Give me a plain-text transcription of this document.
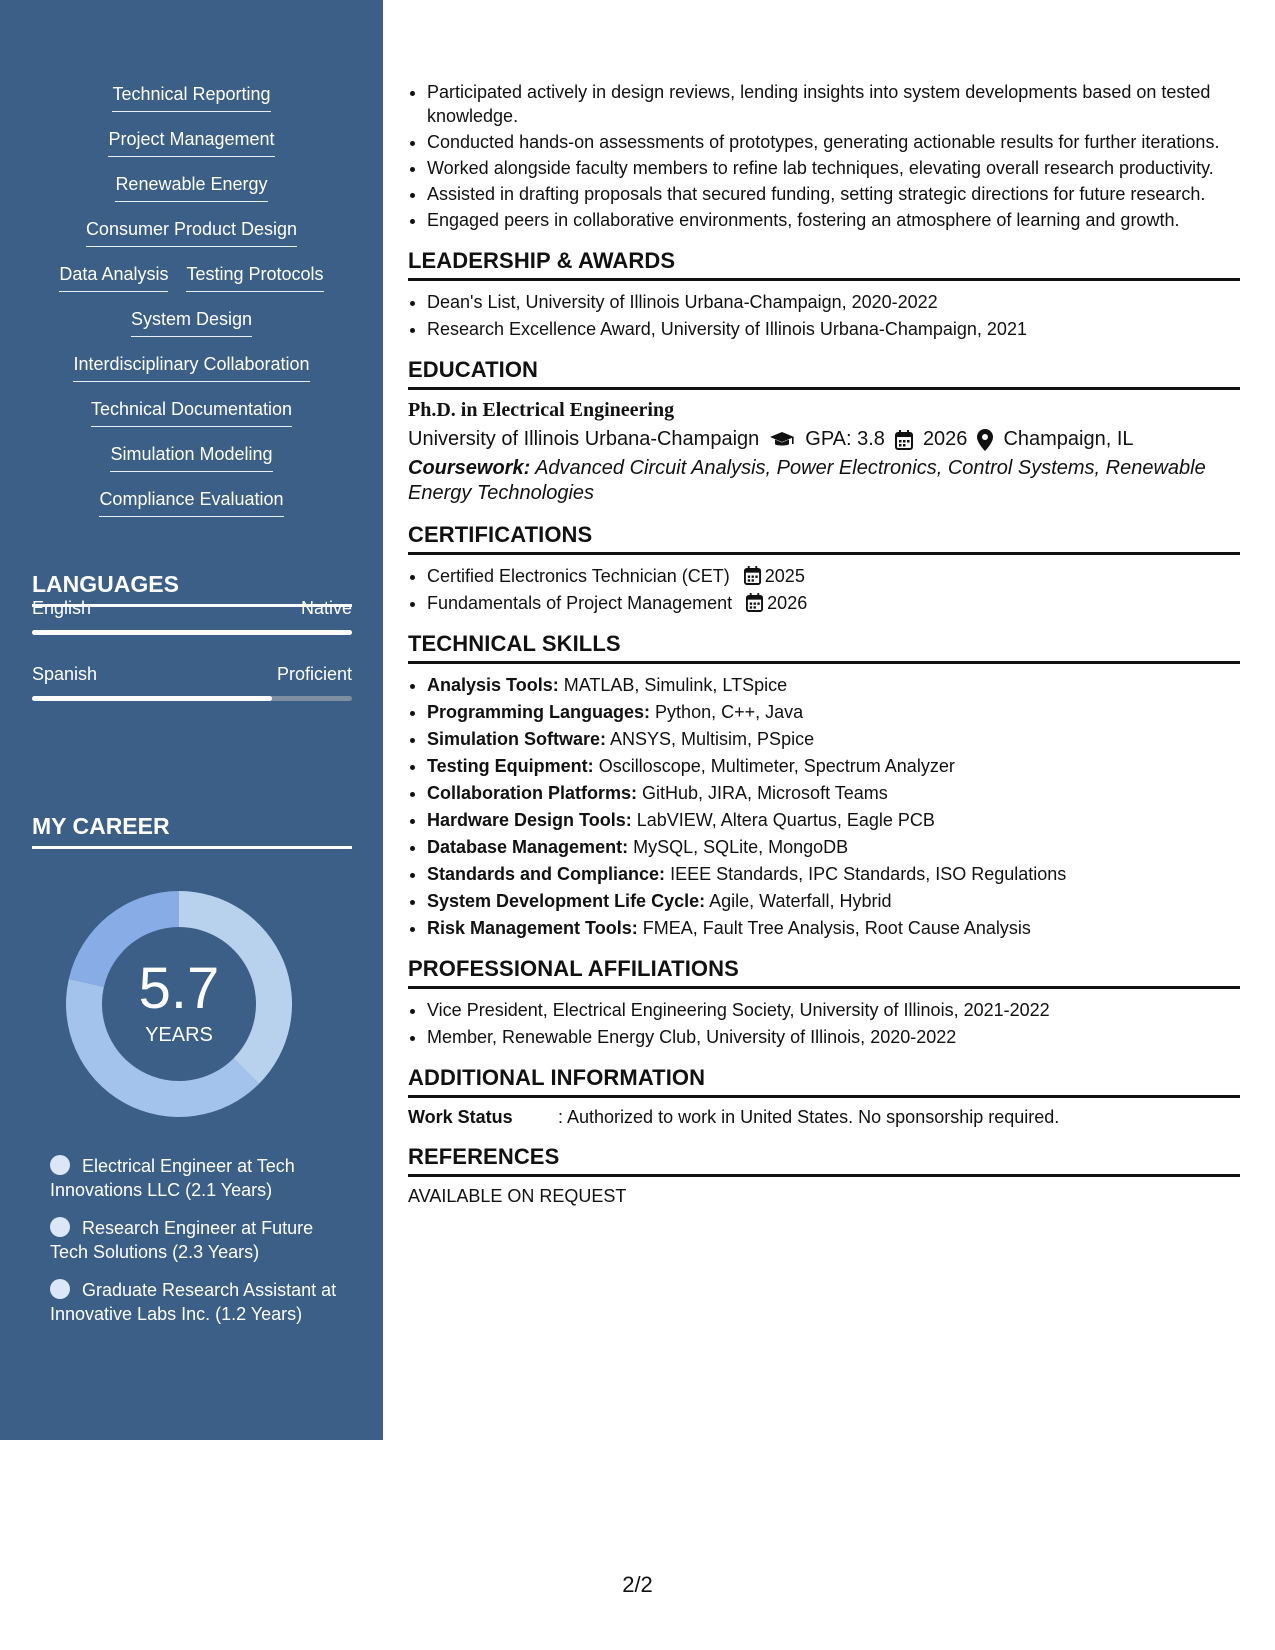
Technical Reporting
Project Management
Renewable Energy
Consumer Product Design
Data Analysis Testing Protocols
System Design
Interdisciplinary Collaboration
Technical Documentation
Simulation Modeling
Compliance Evaluation
LANGUAGES
English	Native
Spanish	Proficient
MY CAREER
5.7
YEARS
Electrical Engineer at Tech Innovations LLC (2.1 Years)
Research Engineer at Future Tech Solutions (2.3 Years)
Graduate Research Assistant at Innovative Labs Inc. (1.2 Years)
• Participated actively in design reviews, lending insights into system developments based on tested knowledge.
• Conducted hands-on assessments of prototypes, generating actionable results for further iterations.
• Worked alongside faculty members to refine lab techniques, elevating overall research productivity.
• Assisted in drafting proposals that secured funding, setting strategic directions for future research.
• Engaged peers in collaborative environments, fostering an atmosphere of learning and growth.
LEADERSHIP & AWARDS
• Dean's List, University of Illinois Urbana-Champaign, 2020-2022
• Research Excellence Award, University of Illinois Urbana-Champaign, 2021
EDUCATION
Ph.D. in Electrical Engineering
University of Illinois Urbana-Champaign GPA: 3.8 2026 Champaign, IL
Coursework: Advanced Circuit Analysis, Power Electronics, Control Systems, Renewable Energy Technologies
CERTIFICATIONS
• Certified Electronics Technician (CET) 2025
• Fundamentals of Project Management 2026
TECHNICAL SKILLS
• Analysis Tools: MATLAB, Simulink, LTSpice
• Programming Languages: Python, C++, Java
• Simulation Software: ANSYS, Multisim, PSpice
• Testing Equipment: Oscilloscope, Multimeter, Spectrum Analyzer
• Collaboration Platforms: GitHub, JIRA, Microsoft Teams
• Hardware Design Tools: LabVIEW, Altera Quartus, Eagle PCB
• Database Management: MySQL, SQLite, MongoDB
• Standards and Compliance: IEEE Standards, IPC Standards, ISO Regulations
• System Development Life Cycle: Agile, Waterfall, Hybrid
• Risk Management Tools: FMEA, Fault Tree Analysis, Root Cause Analysis
PROFESSIONAL AFFILIATIONS
• Vice President, Electrical Engineering Society, University of Illinois, 2021-2022
• Member, Renewable Energy Club, University of Illinois, 2020-2022
ADDITIONAL INFORMATION
Work Status	: Authorized to work in United States. No sponsorship required.
REFERENCES
AVAILABLE ON REQUEST
2/2
